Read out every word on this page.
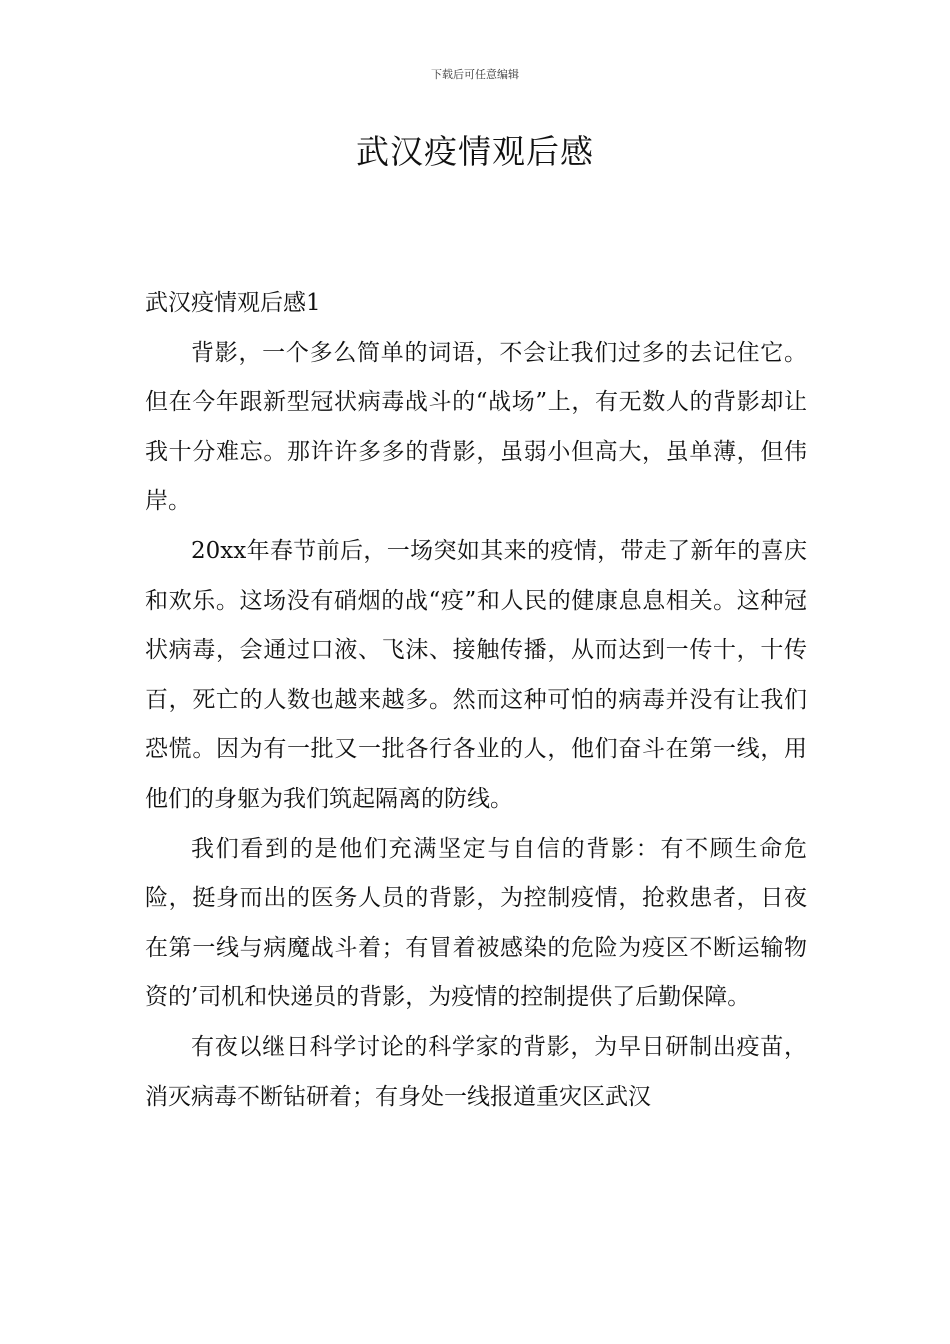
下载后可任意编辑
武汉疫情观后感

武汉疫情观后感1

背影，一个多么简单的词语，不会让我们过多的去记住它。但在今年跟新型冠状病毒战斗的“战场”上，有无数人的背影却让我十分难忘。那许许多多的背影，虽弱小但高大，虽单薄，但伟岸。

20xx年春节前后，一场突如其来的疫情，带走了新年的喜庆和欢乐。这场没有硝烟的战“疫”和人民的健康息息相关。这种冠状病毒，会通过口液、飞沫、接触传播，从而达到一传十，十传百，死亡的人数也越来越多。然而这种可怕的病毒并没有让我们恐慌。因为有一批又一批各行各业的人，他们奋斗在第一线，用他们的身躯为我们筑起隔离的防线。

我们看到的是他们充满坚定与自信的背影：有不顾生命危险，挺身而出的医务人员的背影，为控制疫情，抢救患者，日夜在第一线与病魔战斗着；有冒着被感染的危险为疫区不断运输物资的’司机和快递员的背影，为疫情的控制提供了后勤保障。

有夜以继日科学讨论的科学家的背影，为早日研制出疫苗，消灭病毒不断钻研着；有身处一线报道重灾区武汉
